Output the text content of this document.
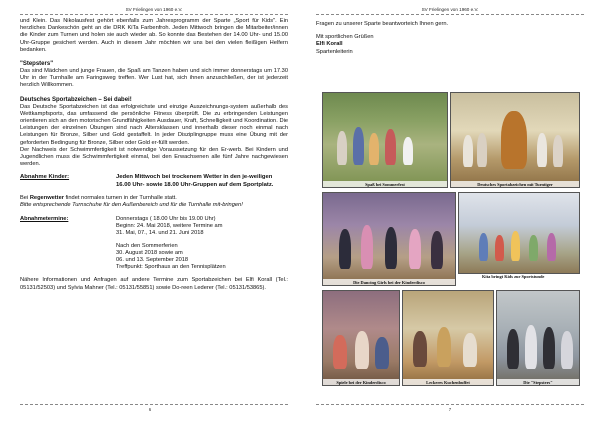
SV Frielingen von 1960 e.V.

und Klein. Das Nikolausfest gehört ebenfalls zum Jahresprogramm der Sparte „Sport für Kids". Ein herzliches Dankeschön geht an die DRK KiTa Farbenfroh. Jeden Mittwoch bringen die Mitarbeiter/innen die Kinder zum Turnen und holen sie auch wieder ab. So konnte das Bestehen der 14.00 Uhr- und 15.00 Uhr-Gruppe gesichert werden. Auch in diesem Jahr möchten wir uns bei den vielen fleißigen Helfern bedanken.

"Stepsters"

Das sind Mädchen und junge Frauen, die Spaß am Tanzen haben und sich immer donnerstags um 17.30 Uhr in der Turnhalle am Faringsweg treffen. Wer Lust hat, sich ihnen anzuschließen, der ist jederzeit herzlich Willkommen.

Deutsches Sportabzeichen – Sei dabei!

Das Deutsche Sportabzeichen ist das erfolgreichste und einzige Auszeichnungs-system außerhalb des Wettkampfsports, das umfassend die persönliche Fitness überprüft. Die zu erbringenden Leistungen orientieren sich an den motorischen Grundfähigkeiten Ausdauer, Kraft, Schnelligkeit und Koordination. Die Leistungen der einzelnen Übungen sind nach Altersklassen und innerhalb dieser noch einmal nach Leistungen für Bronze, Silber und Gold gestaffelt. In jeder Disziplingruppe muss eine Übung mit der geforderten Bedingung für Bronze, Silber oder Gold er-füllt werden.

Der Nachweis der Schwimmfertigkeit ist notwendige Voraussetzung für den Er-werb. Bei Kindern und Jugendlichen muss die Schwimmfertigkeit einmal, bei den Erwachsenen alle fünf Jahre nachgewiesen werden.

Abnahme Kinder:	Jeden Mittwoch bei trockenem Wetter in den je-weiligen 16.00 Uhr- sowie 18.00 Uhr-Gruppen auf dem Sportplatz.

Bei Regenwetter findet normales turnen in der Turnhalle statt.

Bitte entsprechende Turnschuhe für den Außenbereich und für die Turnhalle mit-bringen!

Abnahmetermine:	Donnerstags ( 18.00 Uhr bis 19.00 Uhr)
Beginn: 24. Mai 2018, weitere Termine am
31. Mai, 07., 14. und 21. Juni 2018
Nach den Sommerferien
30. August 2018 sowie am
06. und 13. September 2018
Treffpunkt: Sporthaus an den Tennisplätzen

Nähere Informationen und Anfragen auf andere Termine zum Sportabzeichen bei Elfi Korall (Tel.: 05131/52503) und Sylvia Mahner (Tel.: 05131/55851) sowie Do-reen Lederer (Tel.: 05131/53865).

6
SV Frielingen von 1960 e.V.

Fragen zu unserer Sparte beantworteich Ihnen gern.

Mit sportlichen Grüßen

Elfi Korall

Spartenleiterin

7
Spaß bei Sommerfest	Deutsches Sportabzeichen mit Turntiger
Die Dancing Girls bei der Kinderdisco
Kita bringt Kids zur Sportstunde
Spiele bei der Kinderdisco	Leckeres Kuchenbuffet	Die "Stepsters"
